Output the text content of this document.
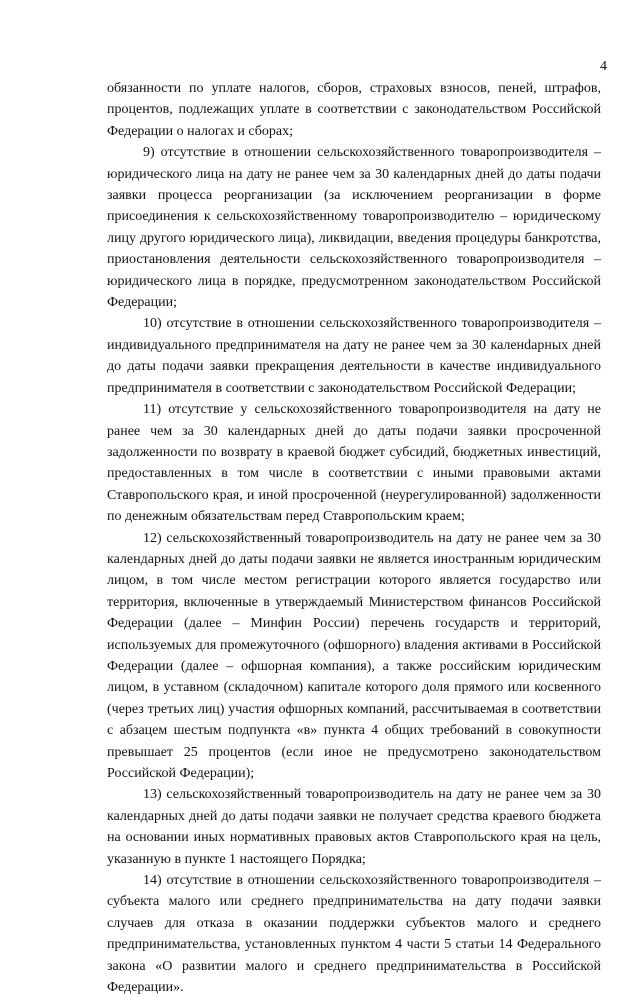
4

обязанности по уплате налогов, сборов, страховых взносов, пеней, штрафов, процентов, подлежащих уплате в соответствии с законодательством Российской Федерации о налогах и сборах;

9) отсутствие в отношении сельскохозяйственного товаропроизводителя – юридического лица на дату не ранее чем за 30 календарных дней до даты подачи заявки процесса реорганизации (за исключением реорганизации в форме присоединения к сельскохозяйственному товаропроизводителю – юридическому лицу другого юридического лица), ликвидации, введения процедуры банкротства, приостановления деятельности сельскохозяйственного товаропроизводителя – юридического лица в порядке, предусмотренном законодательством Российской Федерации;

10) отсутствие в отношении сельскохозяйственного товаропроизводителя – индивидуального предпринимателя на дату не ранее чем за 30 каленdарных дней до даты подачи заявки прекращения деятельности в качестве индивидуального предпринимателя в соответствии с законодательством Российской Федерации;

11) отсутствие у сельскохозяйственного товаропроизводителя на дату не ранее чем за 30 календарных дней до даты подачи заявки просроченной задолженности по возврату в краевой бюджет субсидий, бюджетных инвестиций, предоставленных в том числе в соответствии с иными правовыми актами Ставропольского края, и иной просроченной (неурегулированной) задолженности по денежным обязательствам перед Ставропольским краем;

12) сельскохозяйственный товаропроизводитель на дату не ранее чем за 30 календарных дней до даты подачи заявки не является иностранным юридическим лицом, в том числе местом регистрации которого является государство или территория, включенные в утверждаемый Министерством финансов Российской Федерации (далее – Минфин России) перечень государств и территорий, используемых для промежуточного (офшорного) владения активами в Российской Федерации (далее – офшорная компания), а также российским юридическим лицом, в уставном (складочном) капитале которого доля прямого или косвенного (через третьих лиц) участия офшорных компаний, рассчитываемая в соответствии с абзацем шестым подпункта «в» пункта 4 общих требований в совокупности превышает 25 процентов (если иное не предусмотрено законодательством Российской Федерации);

13) сельскохозяйственный товаропроизводитель на дату не ранее чем за 30 календарных дней до даты подачи заявки не получает средства краевого бюджета на основании иных нормативных правовых актов Ставропольского края на цель, указанную в пункте 1 настоящего Порядка;

14) отсутствие в отношении сельскохозяйственного товаропроизводителя – субъекта малого или среднего предпринимательства на дату подачи заявки случаев для отказа в оказании поддержки субъектов малого и среднего предпринимательства, установленных пунктом 4 части 5 статьи 14 Федерального закона «О развитии малого и среднего предпринимательства в Российской Федерации».
